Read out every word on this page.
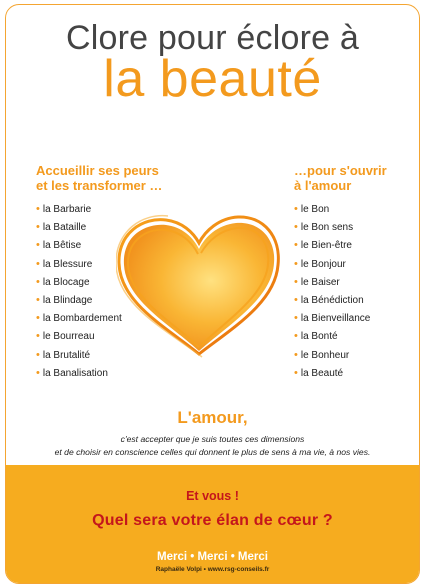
Clore pour éclore à
la beauté
Accueillir ses peurs
et les transformer …
• la Barbarie
• la Bataille
• la Bêtise
• la Blessure
• la Blocage
• la Blindage
• la Bombardement
• le Bourreau
• la Brutalité
• la Banalisation
…pour s'ouvrir
à l'amour
• le Bon
• le Bon sens
• le Bien-être
• le Bonjour
• le Baiser
• la Bénédiction
• la Bienveillance
• la Bonté
• le Bonheur
• la Beauté
L'amour,
c'est accepter que je suis toutes ces dimensions
et de choisir en conscience celles qui donnent le plus de sens à ma vie, à nos vies.
Et vous !
Quel sera votre élan de cœur ?
Merci • Merci • Merci
Raphaële Volpi • www.rsg-conseils.fr
